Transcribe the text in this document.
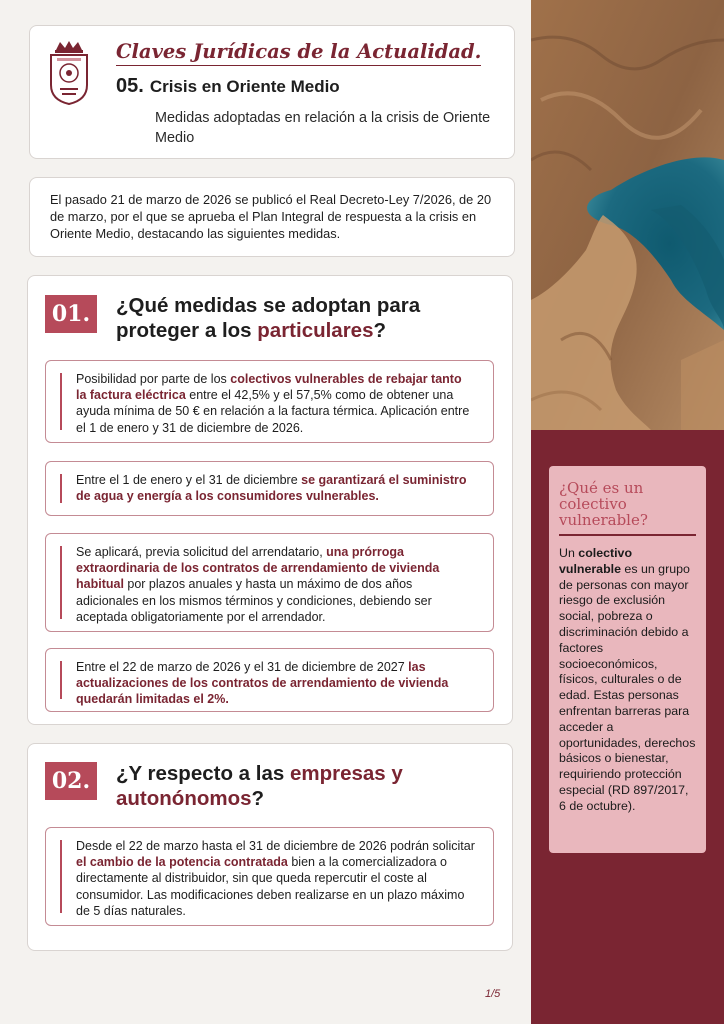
¿Qué es un colectivo vulnerable?
Un colectivo vulnerable es un grupo de personas con mayor riesgo de exclusión social, pobreza o discriminación debido a factores socioeconómicos, físicos, culturales o de edad. Estas personas enfrentan barreras para acceder a oportunidades, derechos básicos o bienestar, requiriendo protección especial (RD 897/2017, 6 de octubre).
Claves Jurídicas de la Actualidad.
05. Crisis en Oriente Medio
Medidas adoptadas en relación a la crisis de Oriente Medio
El pasado 21 de marzo de 2026 se publicó el Real Decreto-Ley 7/2026, de 20 de marzo, por el que se aprueba el Plan Integral de respuesta a la crisis en Oriente Medio, destacando las siguientes medidas.
01.	¿Qué medidas se adoptan para proteger a los particulares?
Posibilidad por parte de los colectivos vulnerables de rebajar tanto la factura eléctrica entre el 42,5% y el 57,5% como de obtener una ayuda mínima de 50 € en relación a la factura térmica. Aplicación entre el 1 de enero y 31 de diciembre de 2026.
Entre el 1 de enero y el 31 de diciembre se garantizará el suministro de agua y energía a los consumidores vulnerables.
Se aplicará, previa solicitud del arrendatario, una prórroga extraordinaria de los contratos de arrendamiento de vivienda habitual por plazos anuales y hasta un máximo de dos años adicionales en los mismos términos y condiciones, debiendo ser aceptada obligatoriamente por el arrendador.
Entre el 22 de marzo de 2026 y el 31 de diciembre de 2027 las actualizaciones de los contratos de arrendamiento de vivienda quedarán limitadas el 2%.
02.	¿Y respecto a las empresas y autonónomos?
Desde el 22 de marzo hasta el 31 de diciembre de 2026 podrán solicitar el cambio de la potencia contratada bien a la comercializadora o directamente al distribuidor, sin que queda repercutir el coste al consumidor. Las modificaciones deben realizarse en un plazo máximo de 5 días naturales.
1/5
